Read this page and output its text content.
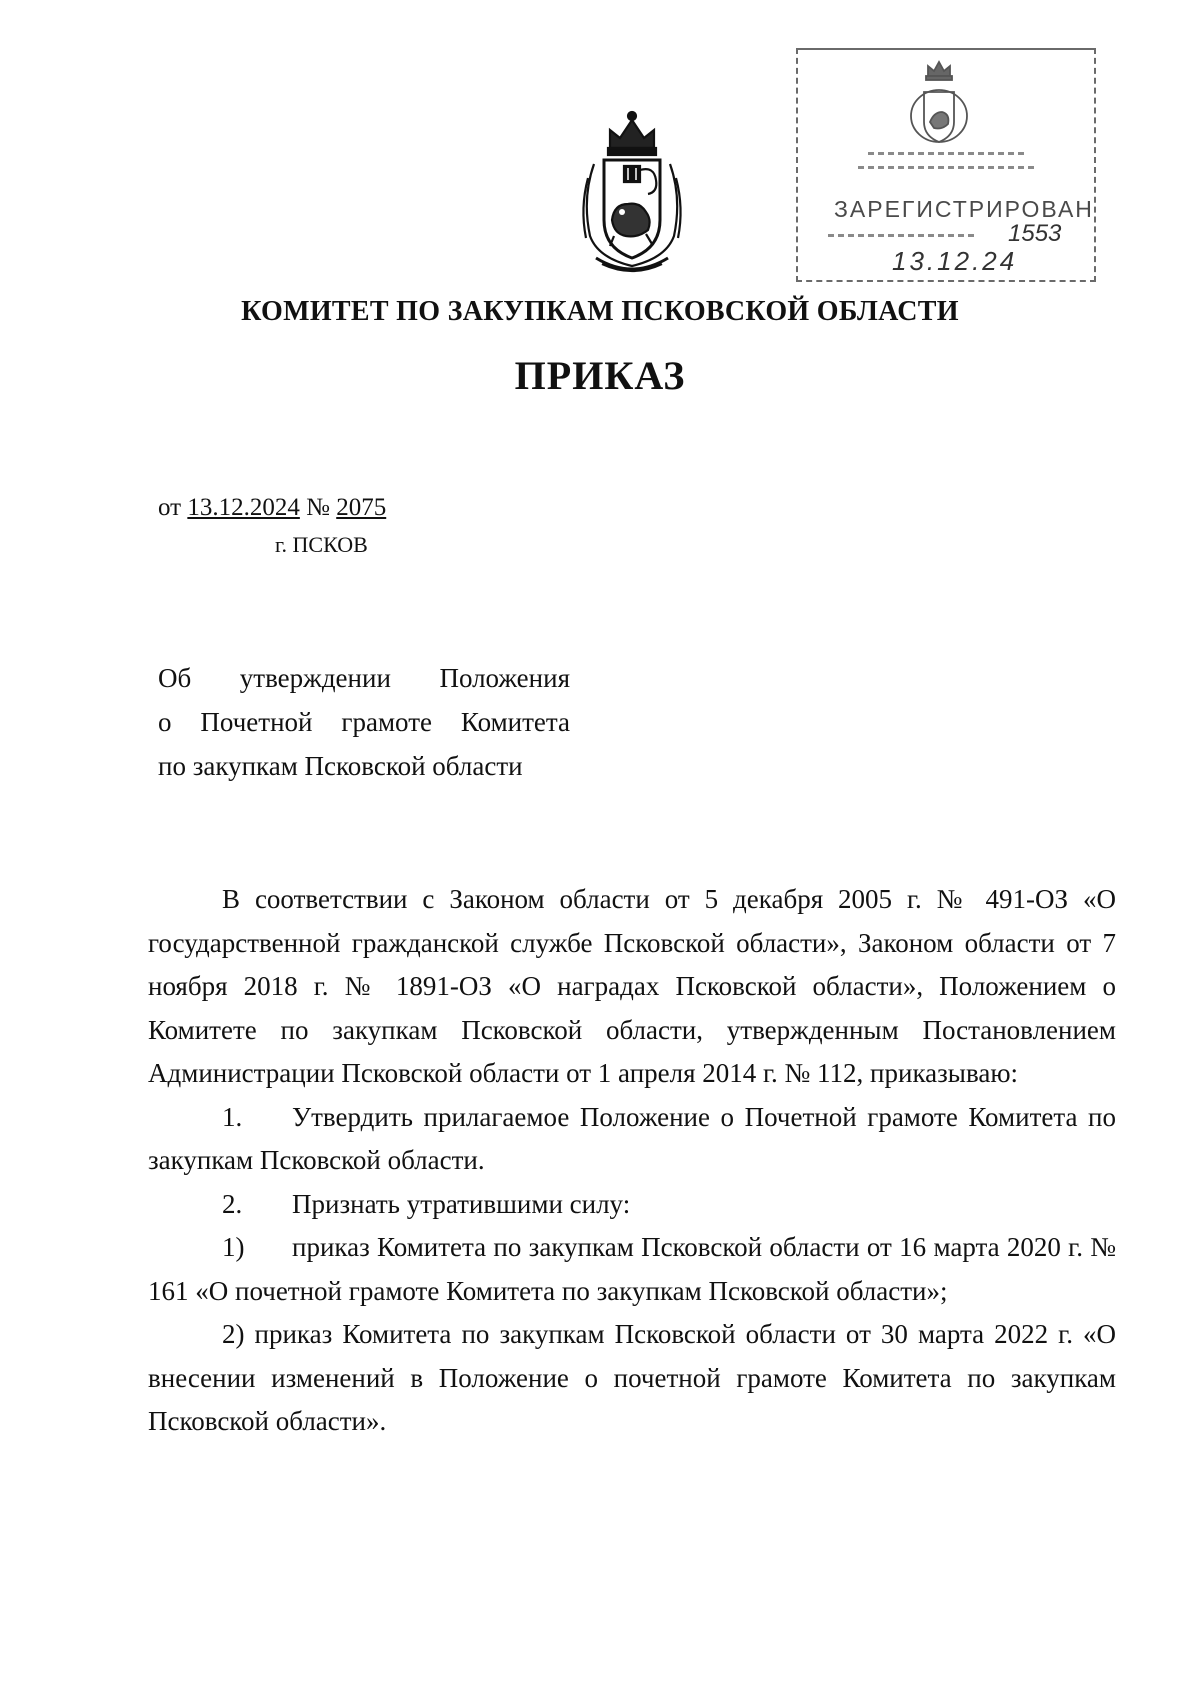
ЗАРЕГИСТРИРОВАН
1553
13.12.24
КОМИТЕТ ПО ЗАКУПКАМ ПСКОВСКОЙ ОБЛАСТИ
ПРИКАЗ
от 13.12.2024 № 2075
г. ПСКОВ
Об утверждении Положения
о Почетной грамоте Комитета
по закупкам Псковской области

В соответствии с Законом области от 5 декабря 2005 г. № 491-ОЗ «О государственной гражданской службе Псковской области», Законом области от 7 ноября 2018 г. № 1891-ОЗ «О наградах Псковской области», Положением о Комитете по закупкам Псковской области, утвержденным Постановлением Администрации Псковской области от 1 апреля 2014 г. № 112, приказываю:

1.	Утвердить прилагаемое Положение о Почетной грамоте Комитета по закупкам Псковской области.
2.	Признать утратившими силу:
1)	приказ Комитета по закупкам Псковской области от 16 марта 2020 г. № 161 «О почетной грамоте Комитета по закупкам Псковской области»;

2) приказ Комитета по закупкам Псковской области от 30 марта 2022 г. «О внесении изменений в Положение о почетной грамоте Комитета по закупкам Псковской области».
